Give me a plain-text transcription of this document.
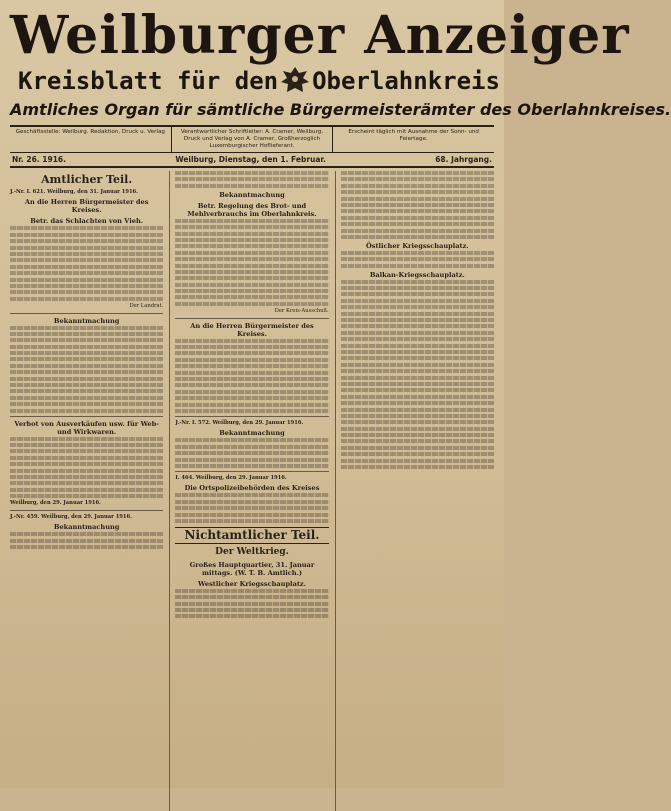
Weilburger Anzeiger
Kreisblatt für den Oberlahnkreis
Amtliches Organ für sämtliche Bürgermeisterämter des Oberlahnkreises.
Geschäftsstelle: Weilburg. Redaktion, Druck u. Verlag	Verantwortlicher Schriftleiter: A. Cramer, Weilburg. Druck und Verlag von A. Cramer, Großherzoglich Luxemburgischer Hoflieferant.
Erscheint täglich mit Ausnahme der Sonn- und Feiertage.
Nr. 26. 1916.	Weilburg, Dienstag, den 1. Februar.	68. Jahrgang.
Amtlicher Teil.
J.-Nr. I. 621. Weilburg, den 31. Januar 1916.
An die Herren Bürgermeister des Kreises.
Betr. das Schlachten von Vieh.

Der Landrat.
Bekanntmachung

Verbot von Ausverkäufen usw. für Web- und Wirkwaren.

Weilburg, den 29. Januar 1916.
J.-Nr. 459. Weilburg, den 29. Januar 1916.
Bekanntmachung

Bekanntmachung
Betr. Regelung des Brot- und Mehlverbrauchs im Oberlahnkreis.

Der Kreis-Ausschuß.
An die Herren Bürgermeister des Kreises.

J.-Nr. I. 572. Weilburg, den 29. Januar 1916.
Bekanntmachung

I. 464. Weilburg, den 29. Januar 1916.
Die Ortspolizeibehörden des Kreises

Nichtamtlicher Teil.
Der Weltkrieg.
Großes Hauptquartier, 31. Januar mittags. (W. T. B. Amtlich.)
Westlicher Kriegsschauplatz.

Östlicher Kriegsschauplatz.

Balkan-Kriegsschauplatz.
